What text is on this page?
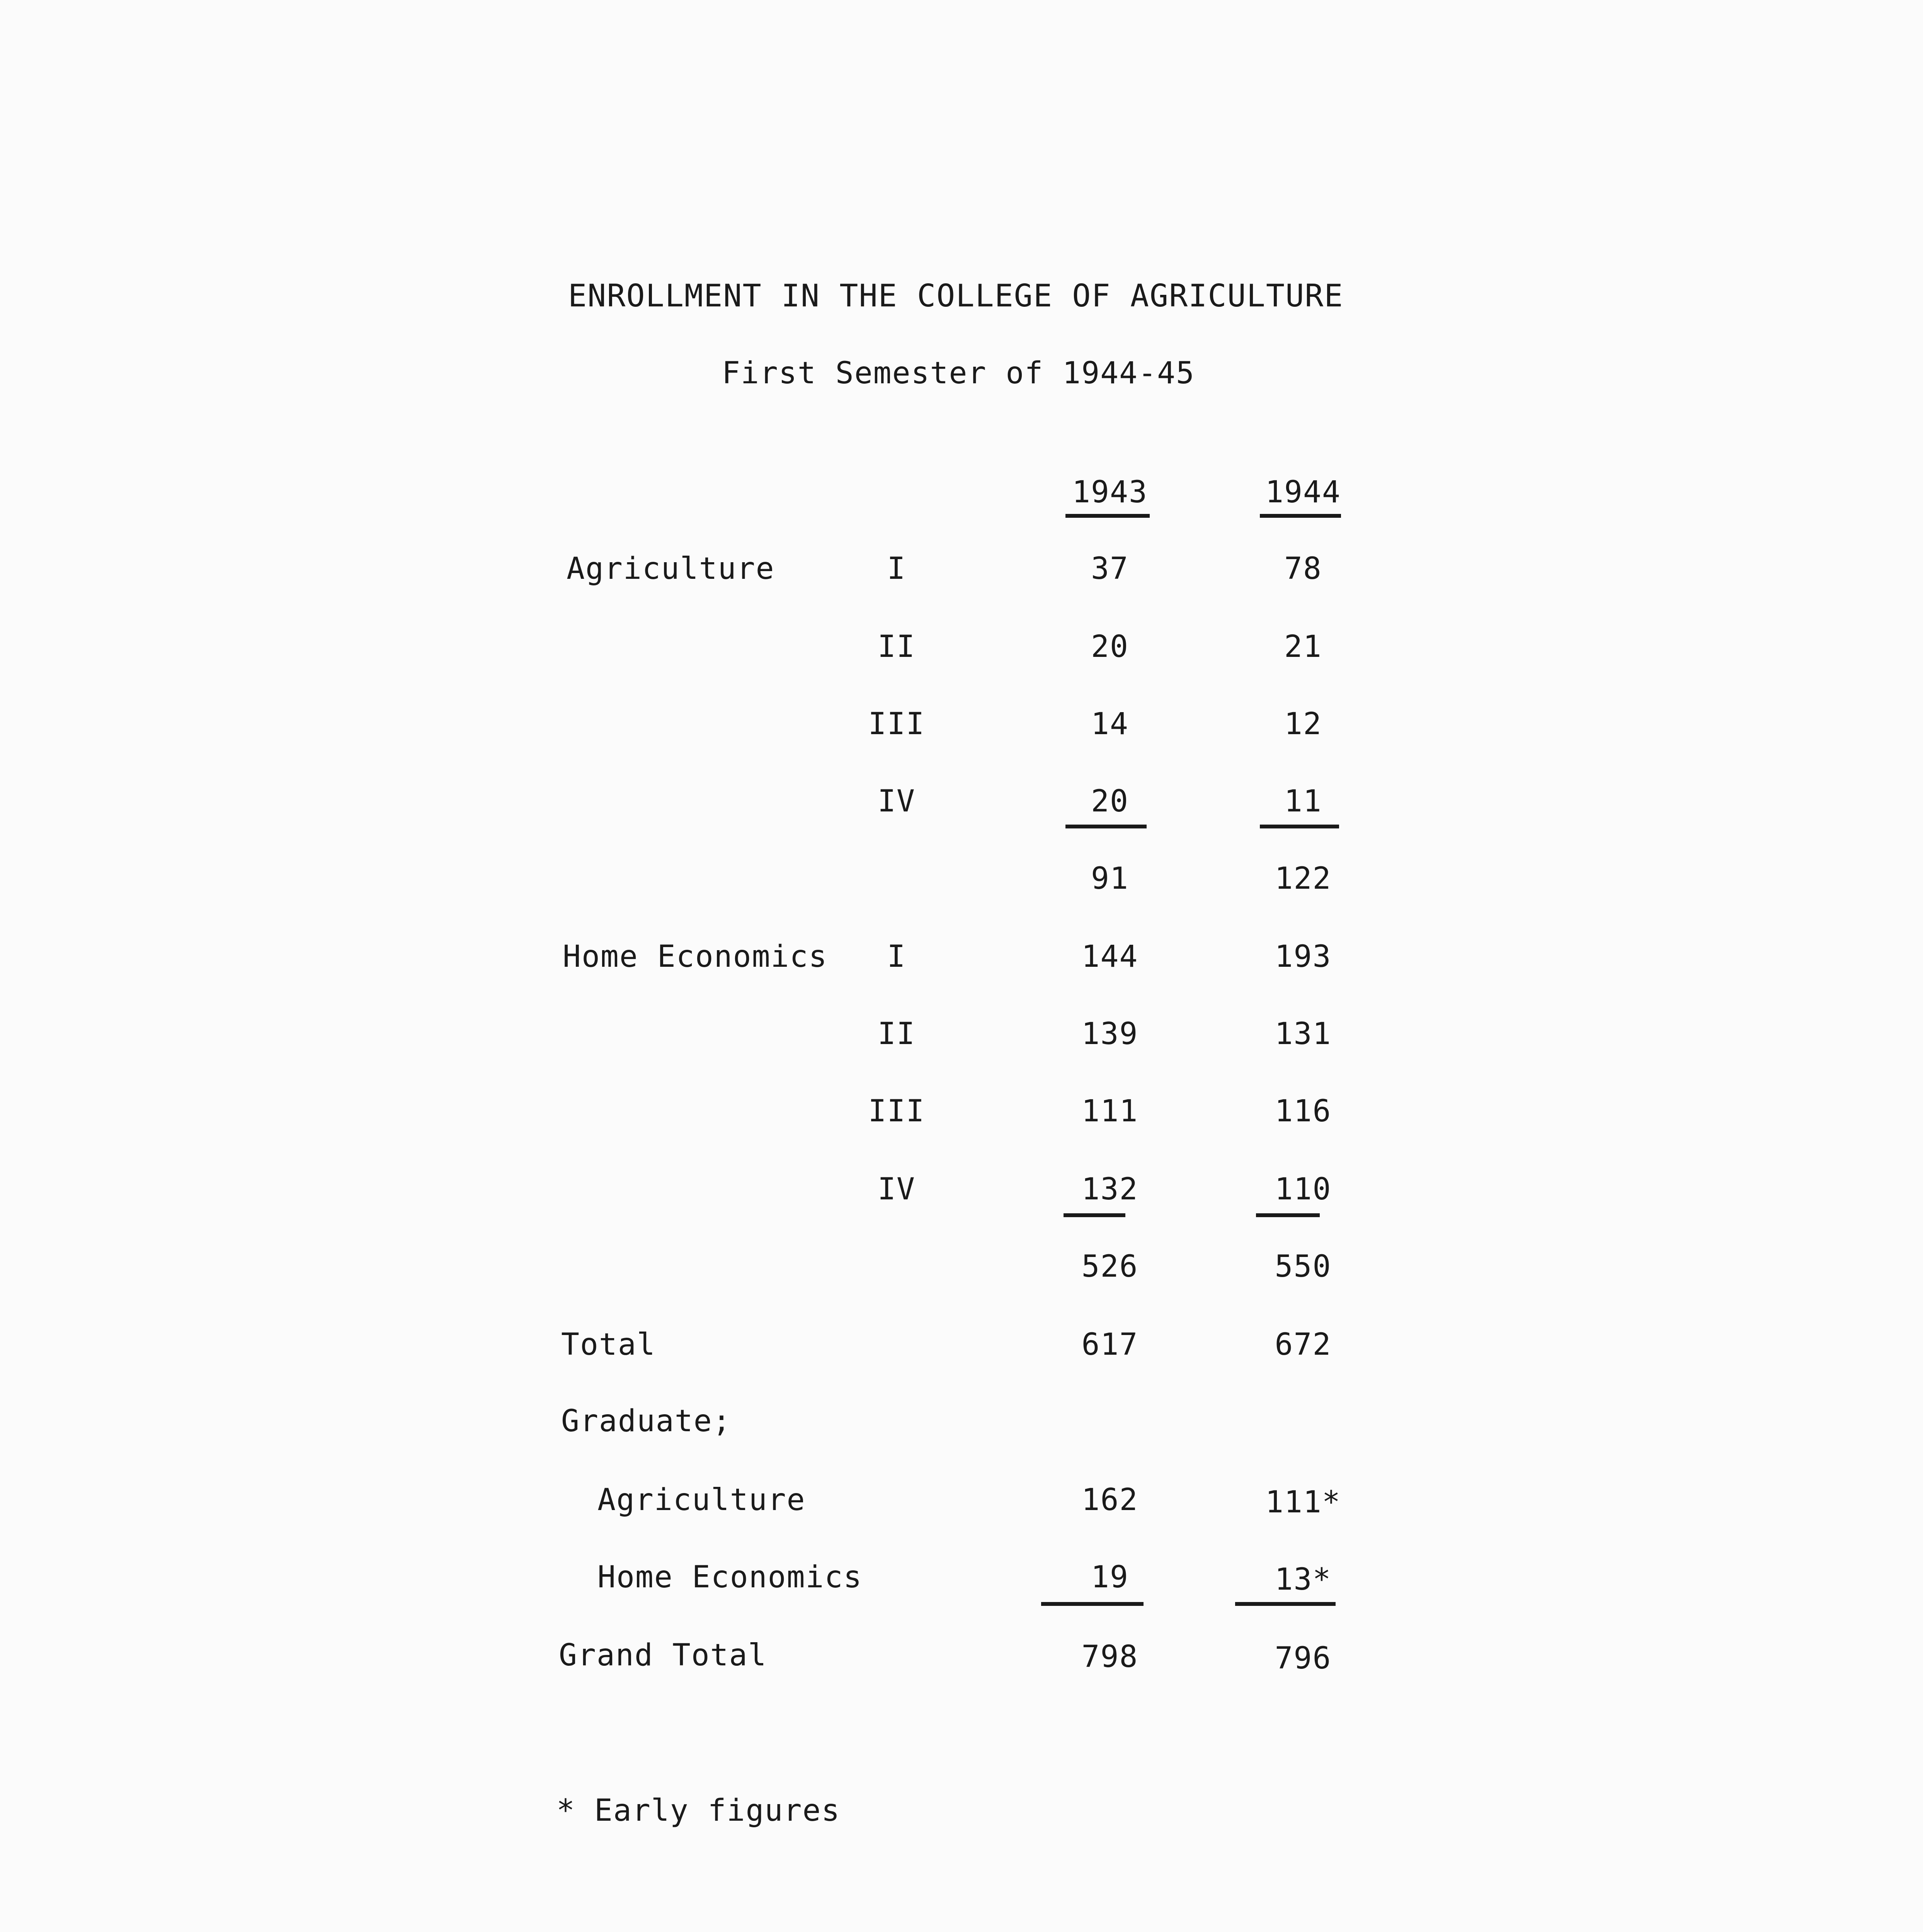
ENROLLMENT IN THE COLLEGE OF AGRICULTURE
First Semester of 1944-45
1943	1944
Agriculture	I	37	78
II	20	21
III	14	12
IV	20	11
91	122
Home Economics	I	144	193
II	139	131
III	111	116
IV	132	110
526	550
Total	617	672
Graduate;
Agriculture	162	111*
Home Economics	19	13*
Grand Total	798	796
* Early figures
